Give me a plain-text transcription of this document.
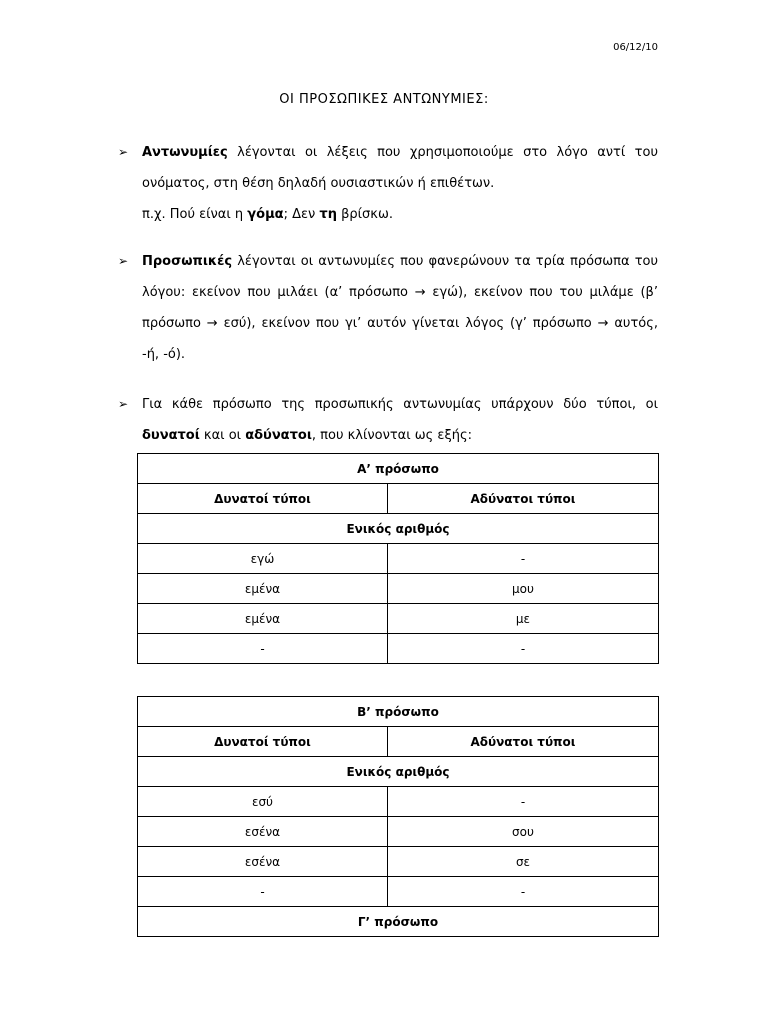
06/12/10
ΟΙ ΠΡΟΣΩΠΙΚΕΣ ΑΝΤΩΝΥΜΙΕΣ:
➢ Αντωνυμίες λέγονται οι λέξεις που χρησιμοποιούμε στο λόγο αντί του ονόματος, στη θέση δηλαδή ουσιαστικών ή επιθέτων.
π.χ. Πού είναι η γόμα; Δεν τη βρίσκω.
➢ Προσωπικές λέγονται οι αντωνυμίες που φανερώνουν τα τρία πρόσωπα του λόγου: εκείνον που μιλάει (α’ πρόσωπο → εγώ), εκείνον που του μιλάμε (β’ πρόσωπο → εσύ), εκείνον που γι’ αυτόν γίνεται λόγος (γ’ πρόσωπο → αυτός, -ή, -ό).
➢ Για κάθε πρόσωπο της προσωπικής αντωνυμίας υπάρχουν δύο τύποι, οι δυνατοί και οι αδύνατοι, που κλίνονται ως εξής:
Α’ πρόσωπο	
Δυνατοί τύποι	Αδύνατοι τύποι
Ενικός αριθμός	
εγώ	-
εμένα	μου
εμένα	με
-	-
Β’ πρόσωπο	
Δυνατοί τύποι	Αδύνατοι τύποι
Ενικός αριθμός	
εσύ	-
εσένα	σου
εσένα	σε
-	-
Γ’ πρόσωπο	
